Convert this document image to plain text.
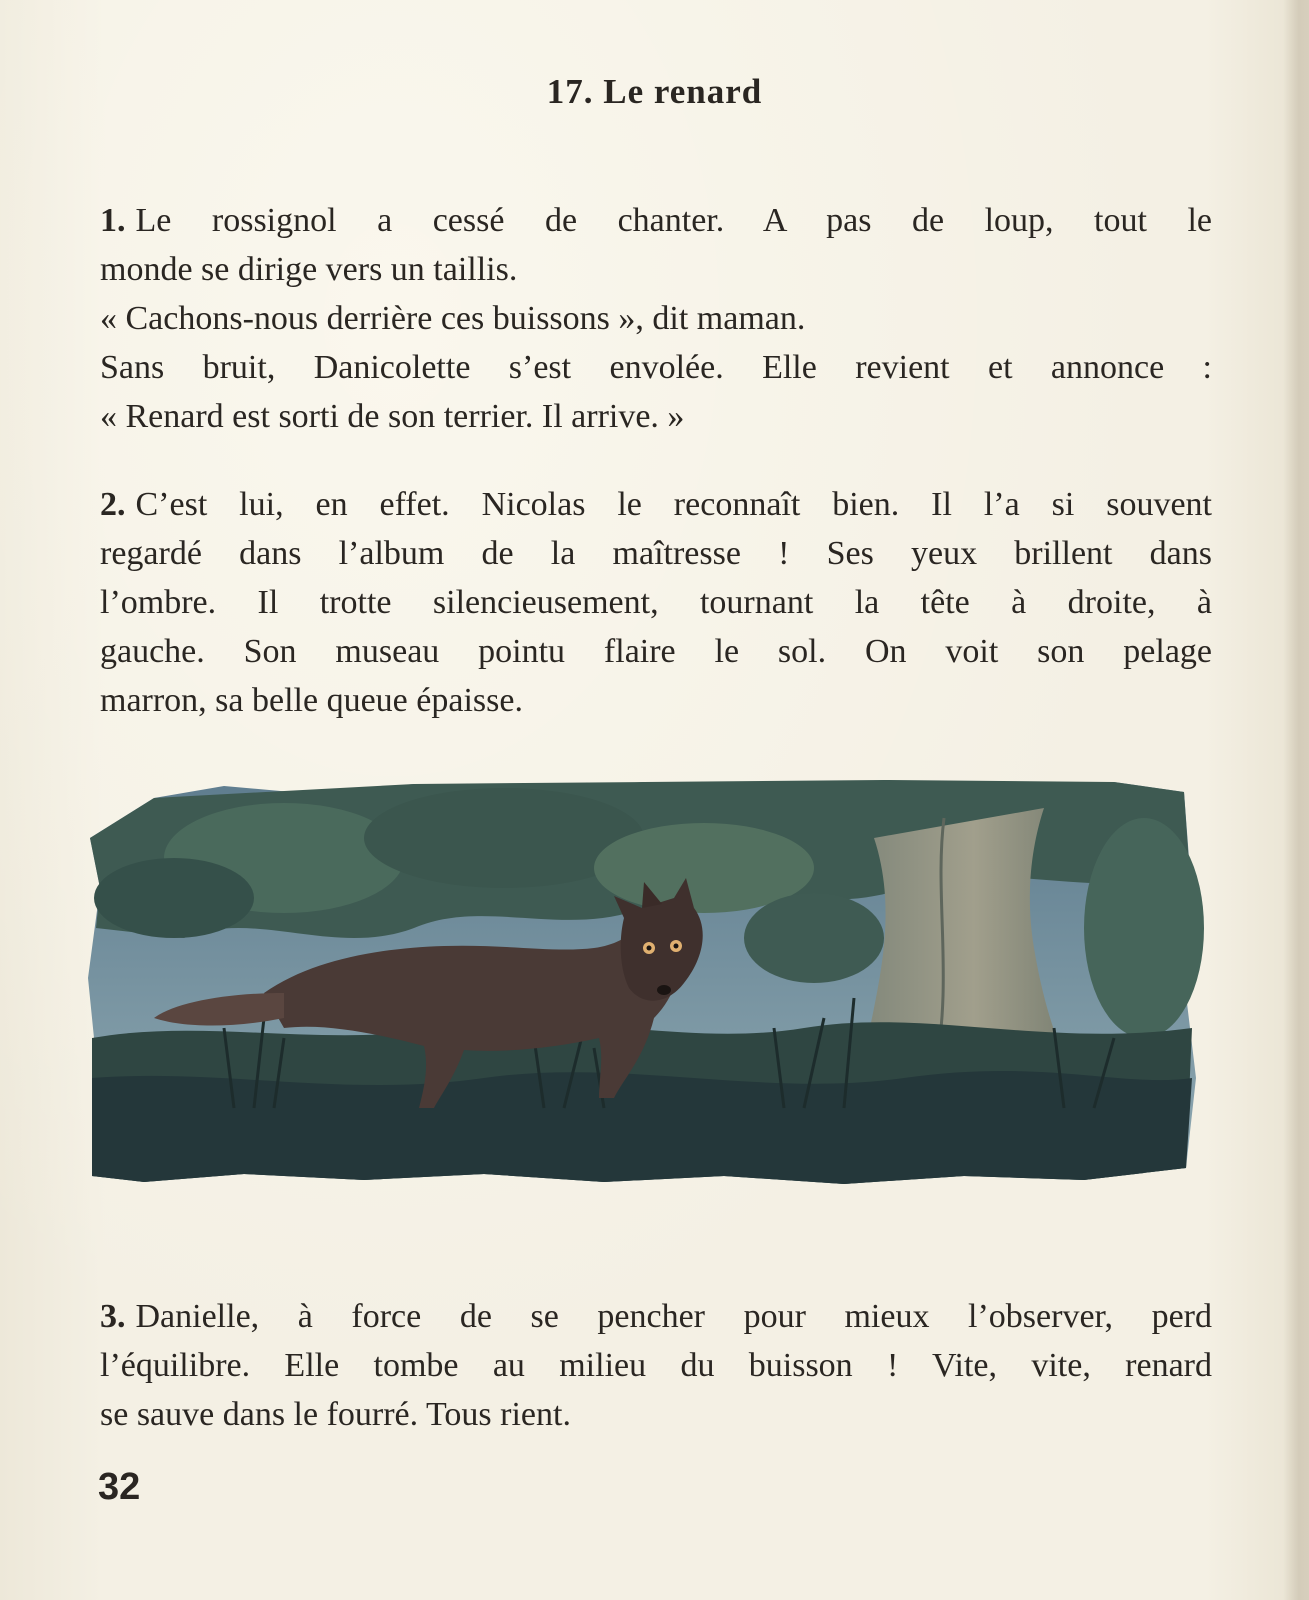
17. Le renard
1. Le rossignol a cessé de chanter. A pas de loup, tout le
monde se dirige vers un taillis.
« Cachons-nous derrière ces buissons », dit maman.
Sans bruit, Danicolette s’est envolée. Elle revient et annonce :
« Renard est sorti de son terrier. Il arrive. »
2. C’est lui, en effet. Nicolas le reconnaît bien. Il l’a si souvent
regardé dans l’album de la maîtresse ! Ses yeux brillent dans
l’ombre. Il trotte silencieusement, tournant la tête à droite, à
gauche. Son museau pointu flaire le sol. On voit son pelage
marron, sa belle queue épaisse.
3. Danielle, à force de se pencher pour mieux l’observer, perd
l’équilibre. Elle tombe au milieu du buisson ! Vite, vite, renard
se sauve dans le fourré. Tous rient.
32
